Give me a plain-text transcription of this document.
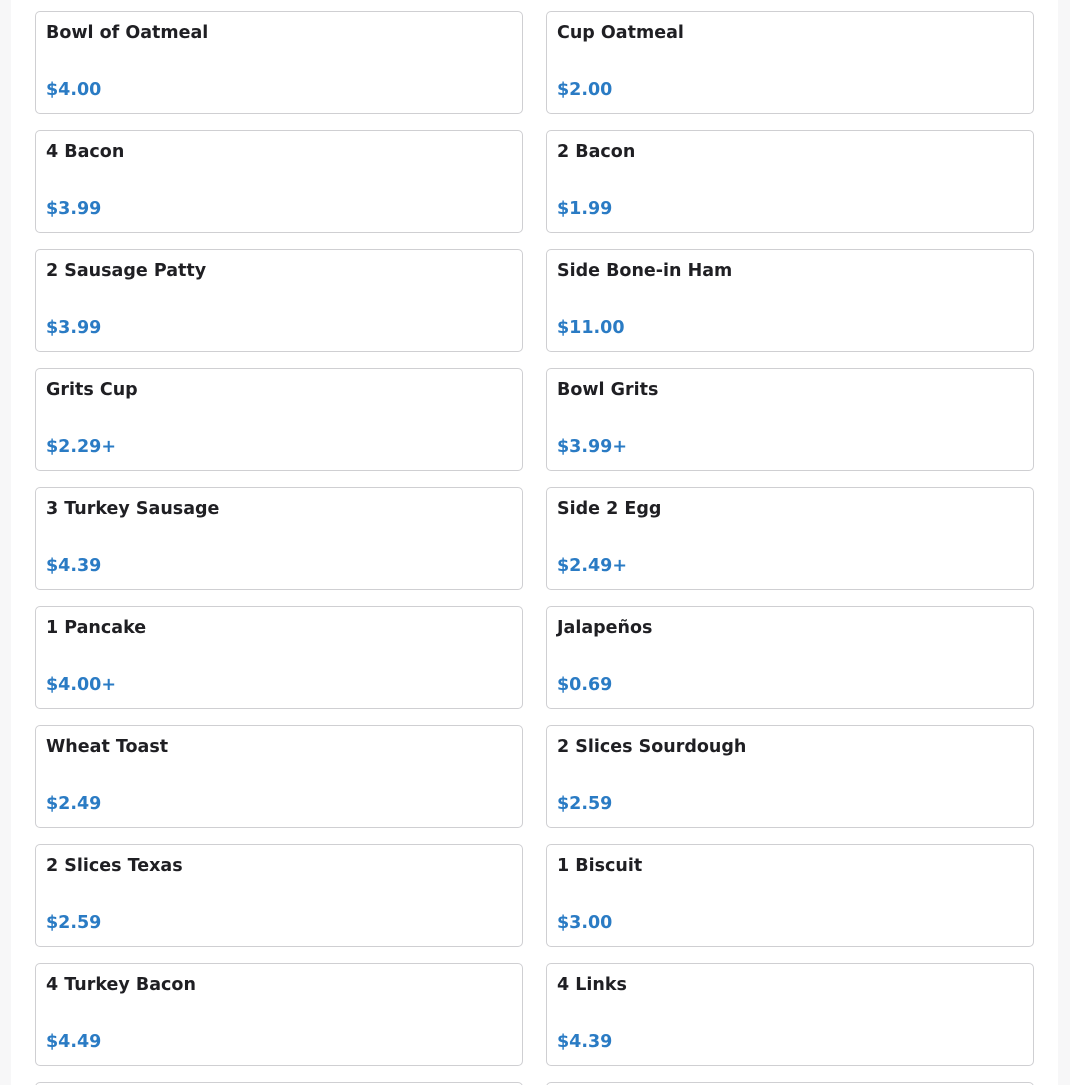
Bowl of Oatmeal
$4.00
Cup Oatmeal
$2.00
4 Bacon
$3.99
2 Bacon
$1.99
2 Sausage Patty
$3.99
Side Bone-in Ham
$11.00
Grits Cup
$2.29+
Bowl Grits
$3.99+
3 Turkey Sausage
$4.39
Side 2 Egg
$2.49+
1 Pancake
$4.00+
Jalapeños
$0.69
Wheat Toast
$2.49
2 Slices Sourdough
$2.59
2 Slices Texas
$2.59
1 Biscuit
$3.00
4 Turkey Bacon
$4.49
4 Links
$4.39
